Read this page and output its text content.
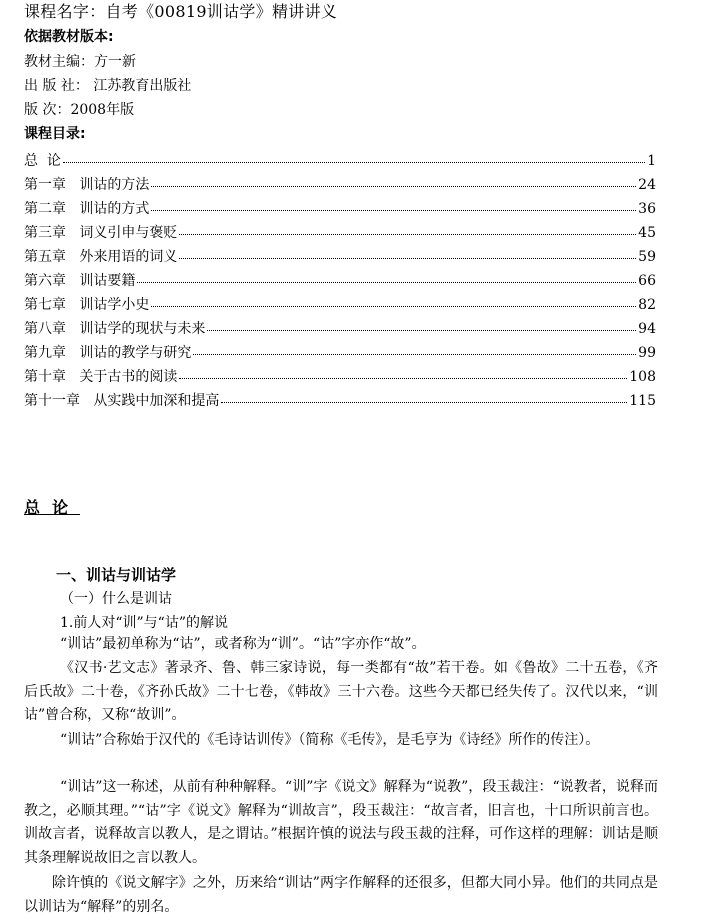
课程名字：自考《00819训诂学》精讲讲义
依据教材版本:
教材主编：方一新
出 版 社： 江苏教育出版社
版 次：2008年版
课程目录:
总  论	1
第一章   训诂的方法	24
第二章   训诂的方式	36
第三章   词义引申与褒贬	45
第五章   外来用语的词义	59
第六章   训诂要籍	66
第七章   训诂学小史	82
第八章   训诂学的现状与未来	94
第九章   训诂的教学与研究	99
第十章   关于古书的阅读	108
第十一章   从实践中加深和提高	115
总论
一、训诂与训诂学
（一）什么是训诂
1.前人对“训”与“诂”的解说
“训诂”最初单称为“诂”，或者称为“训”。“诂”字亦作“故”。
《汉书·艺文志》著录齐、鲁、韩三家诗说，每一类都有“故”若干卷。如《鲁故》二十五卷，《齐后氏故》二十卷，《齐孙氏故》二十七卷，《韩故》三十六卷。这些今天都已经失传了。汉代以来，“训诂”曾合称，又称“故训”。
“训诂”合称始于汉代的《毛诗诂训传》（简称《毛传》，是毛亨为《诗经》所作的传注）。
“训诂”这一称述，从前有种种解释。“训”字《说文》解释为“说教”，段玉裁注：“说教者，说释而教之，必顺其理。”“诂”字《说文》解释为“训故言”，段玉裁注：“故言者，旧言也，十口所识前言也。训故言者，说释故言以教人，是之谓诂。”根据许慎的说法与段玉裁的注释，可作这样的理解：训诂是顺其条理解说故旧之言以教人。
除许慎的《说文解字》之外，历来给“训诂”两字作解释的还很多，但都大同小异。他们的共同点是以训诂为“解释”的别名。
